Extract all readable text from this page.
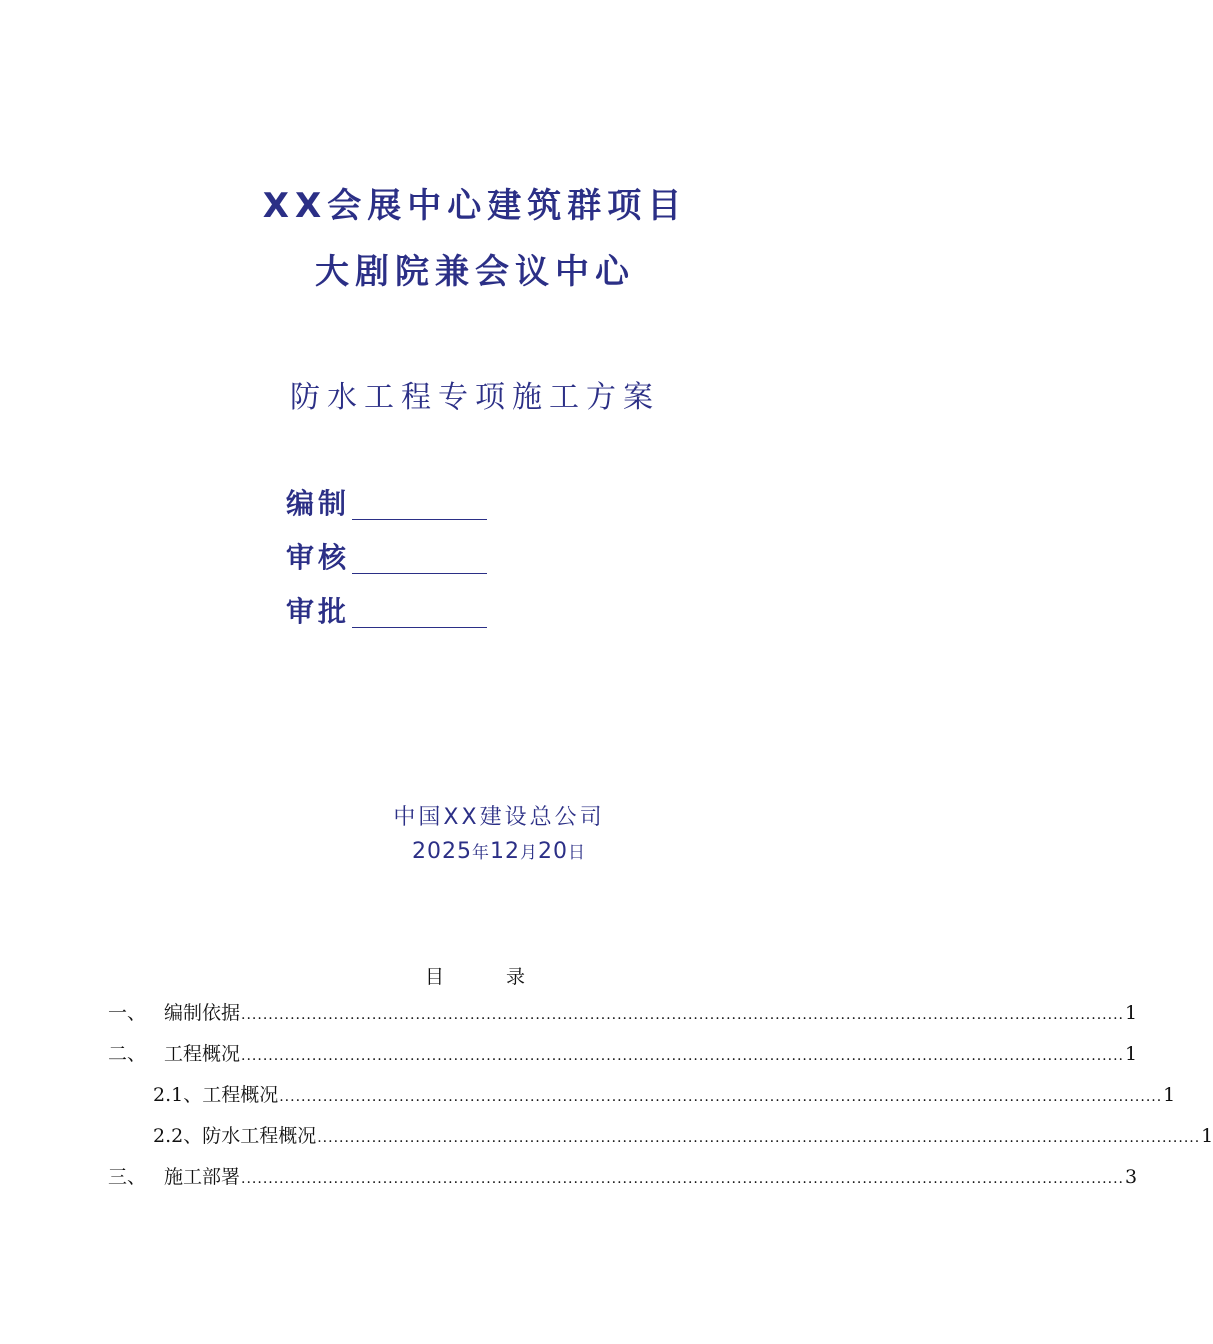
XX会展中心建筑群项目
大剧院兼会议中心
防水工程专项施工方案
编制
审核
审批
中国XX建设总公司
2025年12月20日
目	录
一、 编制依据 .................................................................................................................................................................. 1
二、 工程概况 .................................................................................................................................................................. 1
2.1、工程概况 .................................................................................................................................................................. 1
2.2、防水工程概况 .................................................................................................................................................................. 1
三、 施工部署 .................................................................................................................................................................. 3
